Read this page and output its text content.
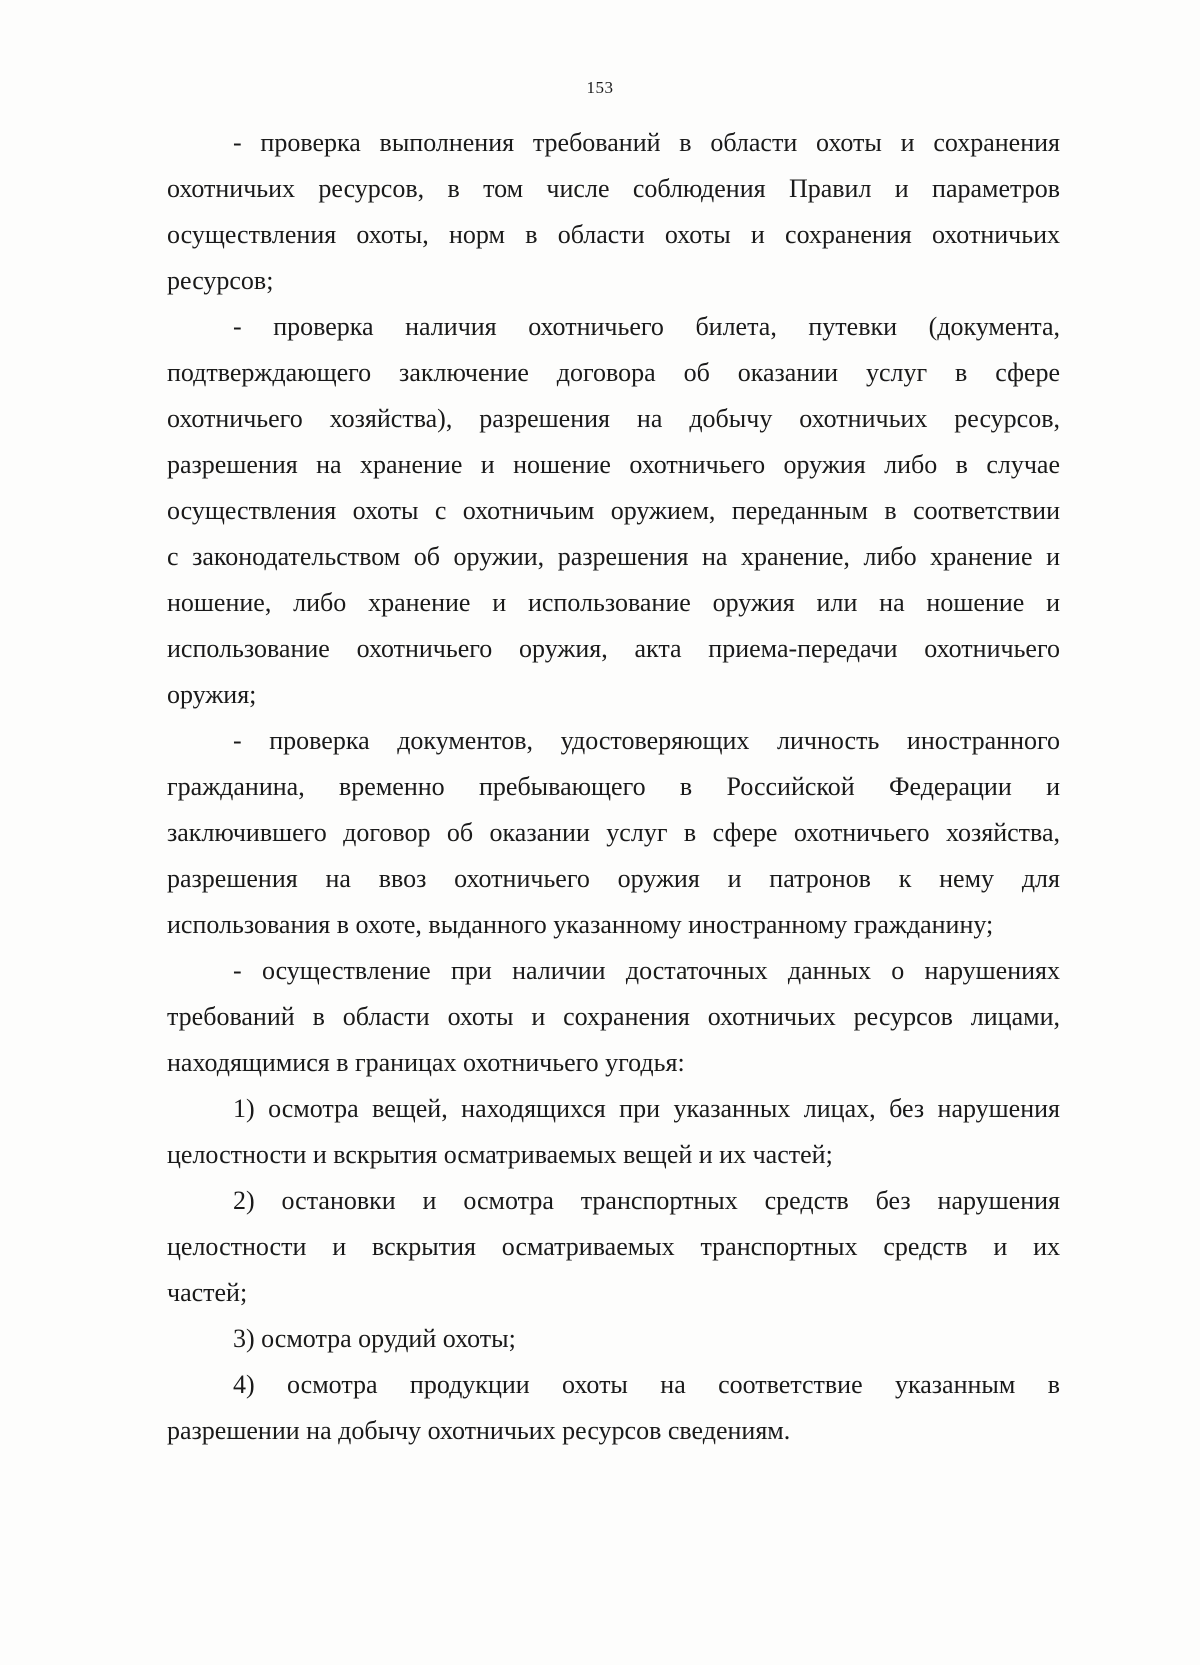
153
- проверка выполнения требований в области охоты и сохранения
охотничьих ресурсов, в том числе соблюдения Правил и параметров
осуществления охоты, норм в области охоты и сохранения охотничьих
ресурсов;
- проверка наличия охотничьего билета, путевки (документа,
подтверждающего заключение договора об оказании услуг в сфере
охотничьего хозяйства), разрешения на добычу охотничьих ресурсов,
разрешения на хранение и ношение охотничьего оружия либо в случае
осуществления охоты с охотничьим оружием, переданным в соответствии
с законодательством об оружии, разрешения на хранение, либо хранение и
ношение, либо хранение и использование оружия или на ношение и
использование охотничьего оружия, акта приема-передачи охотничьего
оружия;
- проверка документов, удостоверяющих личность иностранного
гражданина, временно пребывающего в Российской Федерации и
заключившего договор об оказании услуг в сфере охотничьего хозяйства,
разрешения на ввоз охотничьего оружия и патронов к нему для
использования в охоте, выданного указанному иностранному гражданину;
- осуществление при наличии достаточных данных о нарушениях
требований в области охоты и сохранения охотничьих ресурсов лицами,
находящимися в границах охотничьего угодья:
1) осмотра вещей, находящихся при указанных лицах, без нарушения
целостности и вскрытия осматриваемых вещей и их частей;
2) остановки и осмотра транспортных средств без нарушения
целостности и вскрытия осматриваемых транспортных средств и их
частей;
3) осмотра орудий охоты;
4) осмотра продукции охоты на соответствие указанным в
разрешении на добычу охотничьих ресурсов сведениям.
